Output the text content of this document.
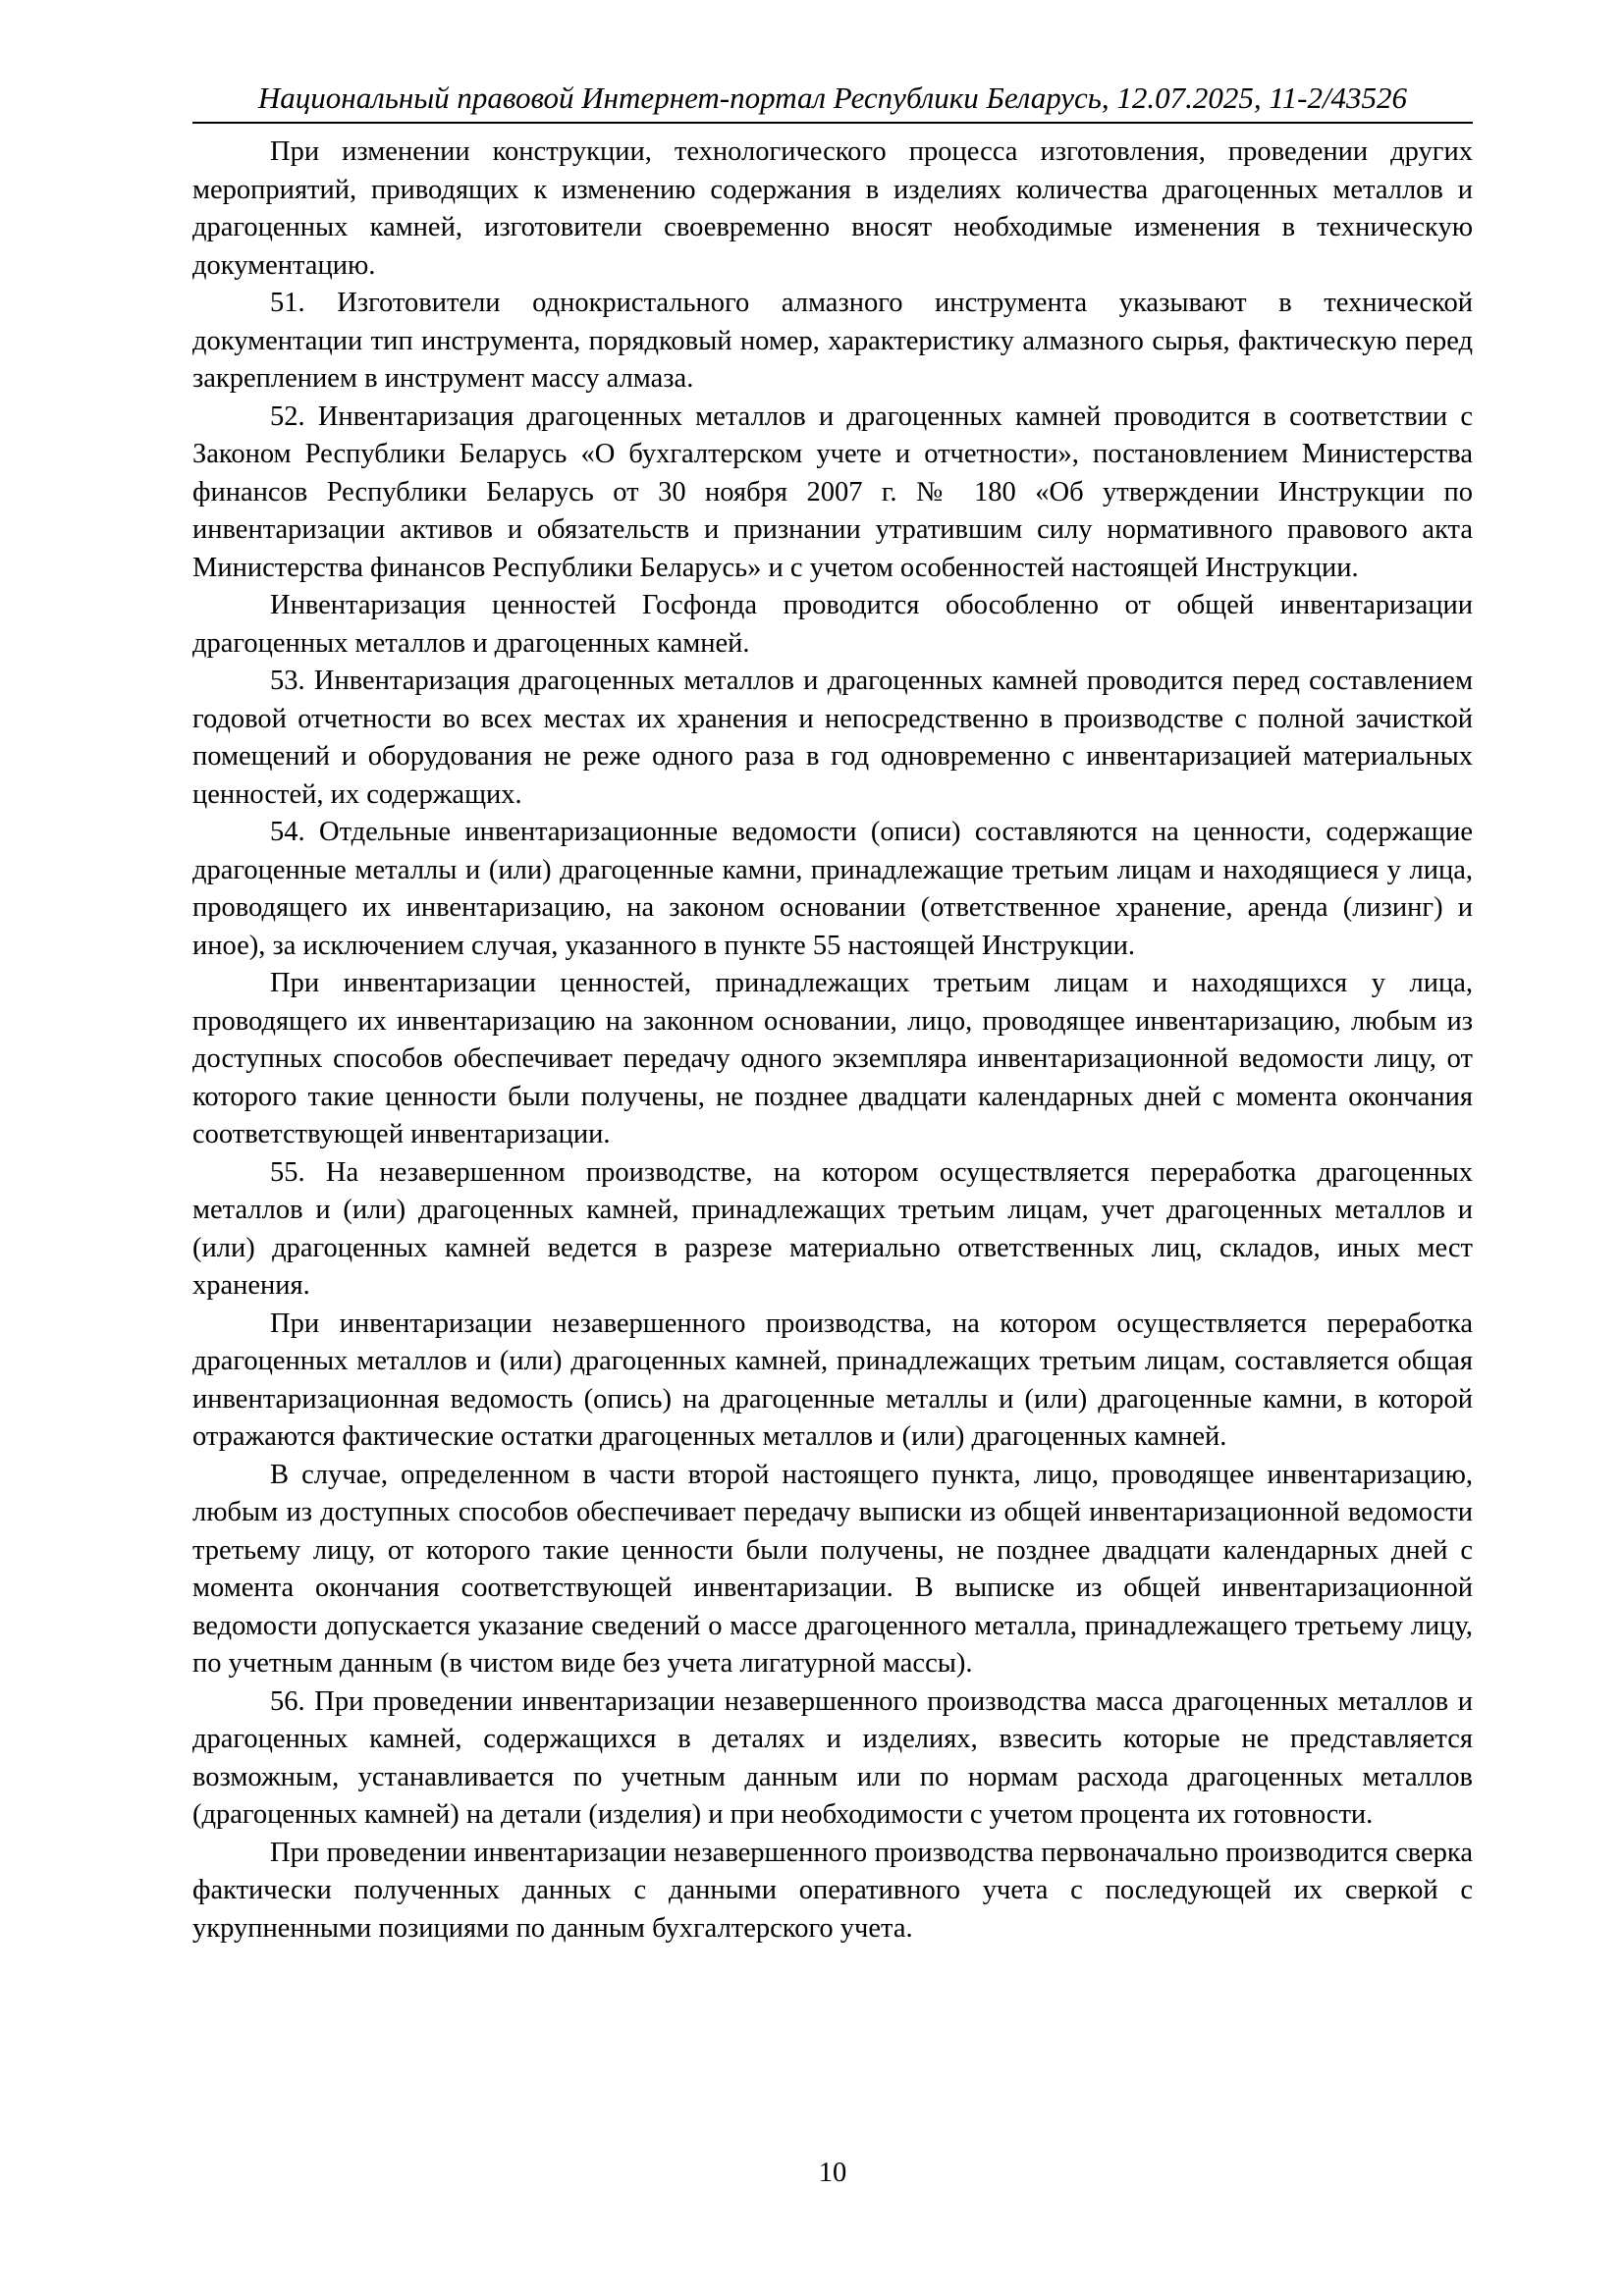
Национальный правовой Интернет-портал Республики Беларусь, 12.07.2025, 11-2/43526

При изменении конструкции, технологического процесса изготовления, проведении других мероприятий, приводящих к изменению содержания в изделиях количества драгоценных металлов и драгоценных камней, изготовители своевременно вносят необходимые изменения в техническую документацию.

51. Изготовители однокристального алмазного инструмента указывают в технической документации тип инструмента, порядковый номер, характеристику алмазного сырья, фактическую перед закреплением в инструмент массу алмаза.

52. Инвентаризация драгоценных металлов и драгоценных камней проводится в соответствии с Законом Республики Беларусь «О бухгалтерском учете и отчетности», постановлением Министерства финансов Республики Беларусь от 30 ноября 2007 г. № 180 «Об утверждении Инструкции по инвентаризации активов и обязательств и признании утратившим силу нормативного правового акта Министерства финансов Республики Беларусь» и с учетом особенностей настоящей Инструкции.

Инвентаризация ценностей Госфонда проводится обособленно от общей инвентаризации драгоценных металлов и драгоценных камней.

53. Инвентаризация драгоценных металлов и драгоценных камней проводится перед составлением годовой отчетности во всех местах их хранения и непосредственно в производстве с полной зачисткой помещений и оборудования не реже одного раза в год одновременно с инвентаризацией материальных ценностей, их содержащих.

54. Отдельные инвентаризационные ведомости (описи) составляются на ценности, содержащие драгоценные металлы и (или) драгоценные камни, принадлежащие третьим лицам и находящиеся у лица, проводящего их инвентаризацию, на законом основании (ответственное хранение, аренда (лизинг) и иное), за исключением случая, указанного в пункте 55 настоящей Инструкции.

При инвентаризации ценностей, принадлежащих третьим лицам и находящихся у лица, проводящего их инвентаризацию на законном основании, лицо, проводящее инвентаризацию, любым из доступных способов обеспечивает передачу одного экземпляра инвентаризационной ведомости лицу, от которого такие ценности были получены, не позднее двадцати календарных дней с момента окончания соответствующей инвентаризации.

55. На незавершенном производстве, на котором осуществляется переработка драгоценных металлов и (или) драгоценных камней, принадлежащих третьим лицам, учет драгоценных металлов и (или) драгоценных камней ведется в разрезе материально ответственных лиц, складов, иных мест хранения.

При инвентаризации незавершенного производства, на котором осуществляется переработка драгоценных металлов и (или) драгоценных камней, принадлежащих третьим лицам, составляется общая инвентаризационная ведомость (опись) на драгоценные металлы и (или) драгоценные камни, в которой отражаются фактические остатки драгоценных металлов и (или) драгоценных камней.

В случае, определенном в части второй настоящего пункта, лицо, проводящее инвентаризацию, любым из доступных способов обеспечивает передачу выписки из общей инвентаризационной ведомости третьему лицу, от которого такие ценности были получены, не позднее двадцати календарных дней с момента окончания соответствующей инвентаризации. В выписке из общей инвентаризационной ведомости допускается указание сведений о массе драгоценного металла, принадлежащего третьему лицу, по учетным данным (в чистом виде без учета лигатурной массы).

56. При проведении инвентаризации незавершенного производства масса драгоценных металлов и драгоценных камней, содержащихся в деталях и изделиях, взвесить которые не представляется возможным, устанавливается по учетным данным или по нормам расхода драгоценных металлов (драгоценных камней) на детали (изделия) и при необходимости с учетом процента их готовности.

При проведении инвентаризации незавершенного производства первоначально производится сверка фактически полученных данных с данными оперативного учета с последующей их сверкой с укрупненными позициями по данным бухгалтерского учета.

10
